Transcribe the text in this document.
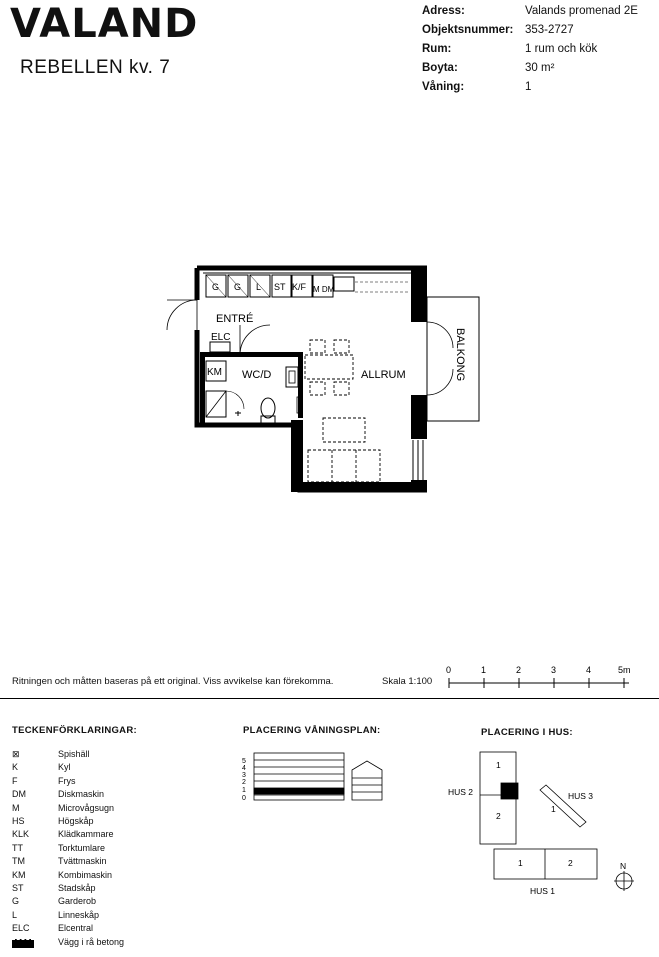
VALAND
REBELLEN kv. 7
Adress:	Valands promenad 2E
Objektsnummer:	353-2727
Rum:	1 rum och kök
Boyta:	30 m²
Våning:	1
G G L ST K/F M DM
ENTRÉ
ELC
KM WC/D	ALLRUM	BALKONG
Ritningen och måtten baseras på ett original. Viss avvikelse kan förekomma.	Skala 1:100
0	1	2	3	4	5m
TECKENFÖRKLARINGAR:
⊠	Spishäll
K	Kyl
F	Frys
DM	Diskmaskin
M	Microvågsugn
HS	Högskåp
KLK	Klädkammare
TT	Torktumlare
TM	Tvättmaskin
KM	Kombimaskin
ST	Stadskåp
G	Garderob
L	Linneskåp
ELC	Elcentral
Vägg i rå betong
PLACERING VÅNINGSPLAN:
5
4
3
2
1
0
PLACERING I HUS:
HUS 2
1
2
HUS 3
1
1	2
HUS 1
N
